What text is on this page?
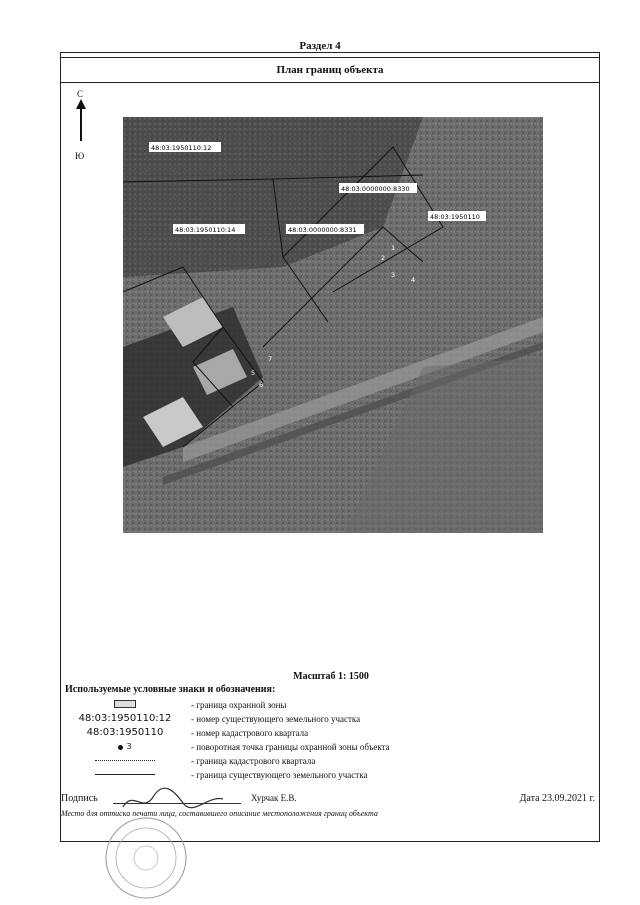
Раздел 4
План границ объекта
С
Ю
48:03:1950110:12
48:03:0000000:8330
48:03:1950110
48:03:1950110:14	48:03:0000000:8331
1
2
3
4
5
6
7
Масштаб 1: 1500
Используемые условные знаки и обозначения:
- граница охранной зоны
48:03:1950110:12	- номер существующего земельного участка
48:03:1950110	- номер кадастрового квартала
3	- поворотная точка границы охранной зоны объекта
- граница кадастрового квартала
- граница существующего земельного участка
Подпись	Хурчак Е.В.	Дата 23.09.2021 г.
Место для оттиска печати лица, составившего описание местоположения границ объекта
